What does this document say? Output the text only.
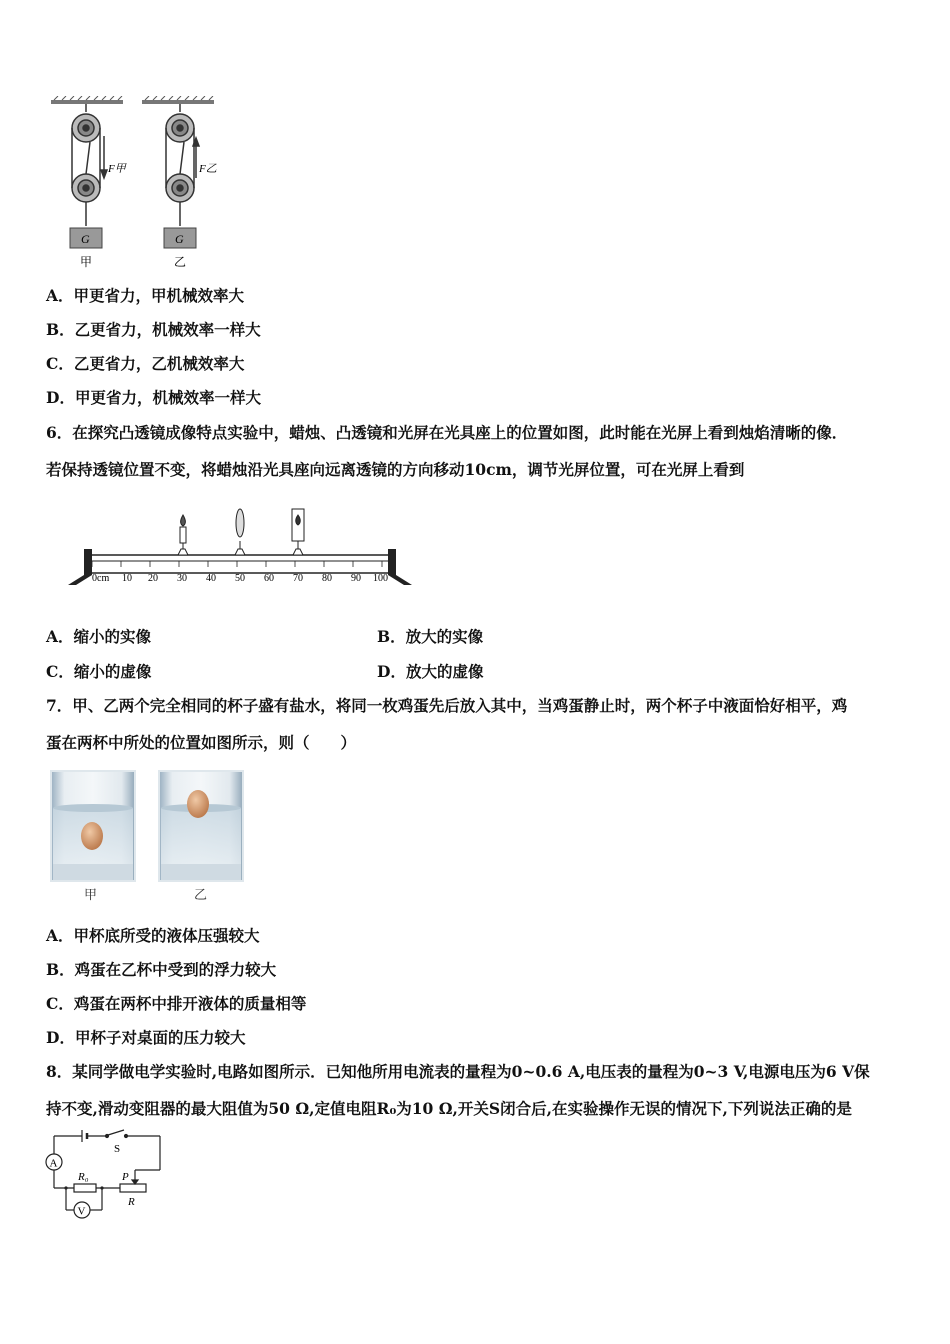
F甲
G
甲
F乙
G
乙
A．甲更省力，甲机械效率大
B．乙更省力，机械效率一样大
C．乙更省力，乙机械效率大
D．甲更省力，机械效率一样大
6．在探究凸透镜成像特点实验中，蜡烛、凸透镜和光屏在光具座上的位置如图，此时能在光屏上看到烛焰清晰的像．
若保持透镜位置不变，将蜡烛沿光具座向远离透镜的方向移动10cm，调节光屏位置，可在光屏上看到
0cm 10 20 30 40 50 60 70 80 90 100
A．缩小的实像	B．放大的实像
C．缩小的虚像	D．放大的虚像
7．甲、乙两个完全相同的杯子盛有盐水，将同一枚鸡蛋先后放入其中，当鸡蛋静止时，两个杯子中液面恰好相平，鸡
蛋在两杯中所处的位置如图所示，则（　　）
甲	乙
A．甲杯底所受的液体压强较大
B．鸡蛋在乙杯中受到的浮力较大
C．鸡蛋在两杯中排开液体的质量相等
D．甲杯子对桌面的压力较大
8．某同学做电学实验时,电路如图所示．已知他所用电流表的量程为0~0.6 A,电压表的量程为0~3 V,电源电压为6 V保
持不变,滑动变阻器的最大阻值为50 Ω,定值电阻R₀为10 Ω,开关S闭合后,在实验操作无误的情况下,下列说法正确的是
A
V
S
R₀	P
R
